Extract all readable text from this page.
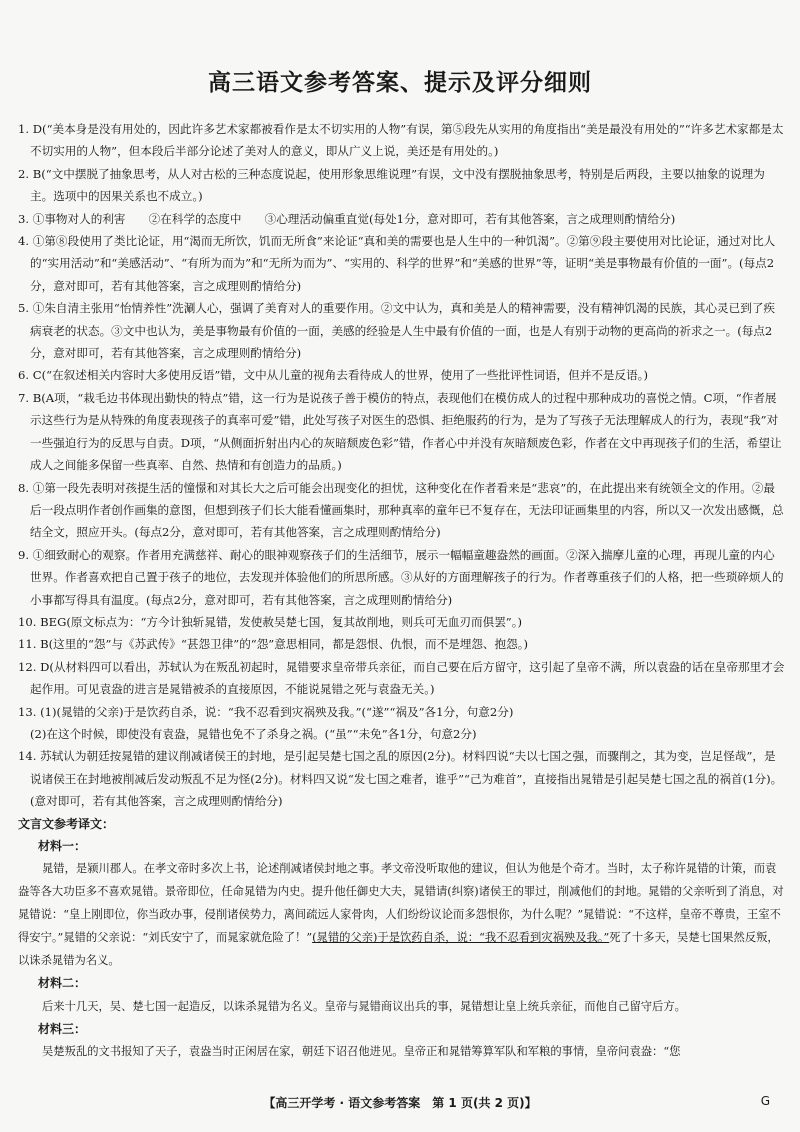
高三语文参考答案、提示及评分细则

1. D(“美本身是没有用处的，因此许多艺术家都被看作是太不切实用的人物”有误，第⑤段先从实用的角度指出“美是最没有用处的”“许多艺术家都是太不切实用的人物”，但本段后半部分论述了美对人的意义，即从广义上说，美还是有用处的。)

2. B(“文中摆脱了抽象思考，从人对古松的三种态度说起，使用形象思维说理”有误，文中没有摆脱抽象思考，特别是后两段，主要以抽象的说理为主。选项中的因果关系也不成立。)

3. ①事物对人的利害　　②在科学的态度中　　③心理活动偏重直觉(每处1分，意对即可，若有其他答案，言之成理则酌情给分)

4. ①第⑧段使用了类比论证，用“渴而无所饮，饥而无所食”来论证“真和美的需要也是人生中的一种饥渴”。②第⑨段主要使用对比论证，通过对比人的“实用活动”和“美感活动”、“有所为而为”和“无所为而为”、“实用的、科学的世界”和“美感的世界”等，证明“美是事物最有价值的一面”。(每点2分，意对即可，若有其他答案，言之成理则酌情给分)

5. ①朱自清主张用“怡情养性”洗涮人心，强调了美育对人的重要作用。②文中认为，真和美是人的精神需要，没有精神饥渴的民族，其心灵已到了疾病衰老的状态。③文中也认为，美是事物最有价值的一面，美感的经验是人生中最有价值的一面，也是人有别于动物的更高尚的祈求之一。(每点2分，意对即可，若有其他答案，言之成理则酌情给分)

6. C(“在叙述相关内容时大多使用反语”错，文中从儿童的视角去看待成人的世界，使用了一些批评性词语，但并不是反语。)

7. B(A项，“栽毛边书体现出勤快的特点”错，这一行为是说孩子善于模仿的特点，表现他们在模仿成人的过程中那种成功的喜悦之情。C项，“作者展示这些行为是从特殊的角度表现孩子的真率可爱”错，此处写孩子对医生的恐惧、拒绝服药的行为，是为了写孩子无法理解成人的行为，表现“我”对一些强迫行为的反思与自责。D项，“从侧面折射出内心的灰暗颓废色彩”错，作者心中并没有灰暗颓废色彩，作者在文中再现孩子们的生活，希望让成人之间能多保留一些真率、自然、热情和有创造力的品质。)

8. ①第一段先表明对孩提生活的憧憬和对其长大之后可能会出现变化的担忧，这种变化在作者看来是“悲哀”的，在此提出来有统领全文的作用。②最后一段点明作者创作画集的意图，但想到孩子们长大能看懂画集时，那种真率的童年已不复存在，无法印证画集里的内容，所以又一次发出感慨，总结全文，照应开头。(每点2分，意对即可，若有其他答案，言之成理则酌情给分)

9. ①细致耐心的观察。作者用充满慈祥、耐心的眼神观察孩子们的生活细节，展示一幅幅童趣盎然的画面。②深入揣摩儿童的心理，再现儿童的内心世界。作者喜欢把自己置于孩子的地位，去发现并体验他们的所思所感。③从好的方面理解孩子的行为。作者尊重孩子们的人格，把一些琐碎烦人的小事都写得具有温度。(每点2分，意对即可，若有其他答案，言之成理则酌情给分)

10. BEG(原文标点为：“方今计独斩晁错，发使赦吴楚七国，复其故削地，则兵可无血刃而俱罢”。)

11. B(这里的“怨”与《苏武传》“甚怨卫律”的“怨”意思相同，都是怨恨、仇恨，而不是埋怨、抱怨。)

12. D(从材料四可以看出，苏轼认为在叛乱初起时，晁错要求皇帝带兵亲征，而自己要在后方留守，这引起了皇帝不满，所以袁盎的话在皇帝那里才会起作用。可见袁盎的进言是晁错被杀的直接原因，不能说晁错之死与袁盎无关。)

13. (1)(晁错的父亲)于是饮药自杀，说：“我不忍看到灾祸殃及我。”(“遂”“祸及”各1分，句意2分)

(2)在这个时候，即使没有袁盎，晁错也免不了杀身之祸。(“虽”“未免”各1分，句意2分)

14. 苏轼认为朝廷按晁错的建议削减诸侯王的封地，是引起吴楚七国之乱的原因(2分)。材料四说“夫以七国之强，而骤削之，其为变，岂足怪哉”，是说诸侯王在封地被削减后发动叛乱不足为怪(2分)。材料四又说“发七国之难者，谁乎”“己为难首”，直接指出晁错是引起吴楚七国之乱的祸首(1分)。(意对即可，若有其他答案，言之成理则酌情给分)

文言文参考译文：

材料一：

晁错，是颍川郡人。在孝文帝时多次上书，论述削减诸侯封地之事。孝文帝没听取他的建议，但认为他是个奇才。当时，太子称许晁错的计策，而袁盎等各大功臣多不喜欢晁错。景帝即位，任命晁错为内史。提升他任御史大夫，晁错请(纠察)诸侯王的罪过，削减他们的封地。晁错的父亲听到了消息，对晁错说：“皇上刚即位，你当政办事，侵削诸侯势力，离间疏远人家骨肉，人们纷纷议论而多怨恨你，为什么呢？”晁错说：“不这样，皇帝不尊贵，王室不得安宁。”晁错的父亲说：“刘氏安宁了，而晁家就危险了！”(晁错的父亲)于是饮药自杀，说：“我不忍看到灾祸殃及我。”死了十多天，吴楚七国果然反叛，以诛杀晁错为名义。

材料二：

后来十几天，吴、楚七国一起造反，以诛杀晁错为名义。皇帝与晁错商议出兵的事，晁错想让皇上统兵亲征，而他自己留守后方。

材料三：

吴楚叛乱的文书报知了天子，袁盎当时正闲居在家，朝廷下诏召他进见。皇帝正和晁错筹算军队和军粮的事情，皇帝问袁盎：“您

【高三开学考 · 语文参考答案　第 1 页(共 2 页)】	G
